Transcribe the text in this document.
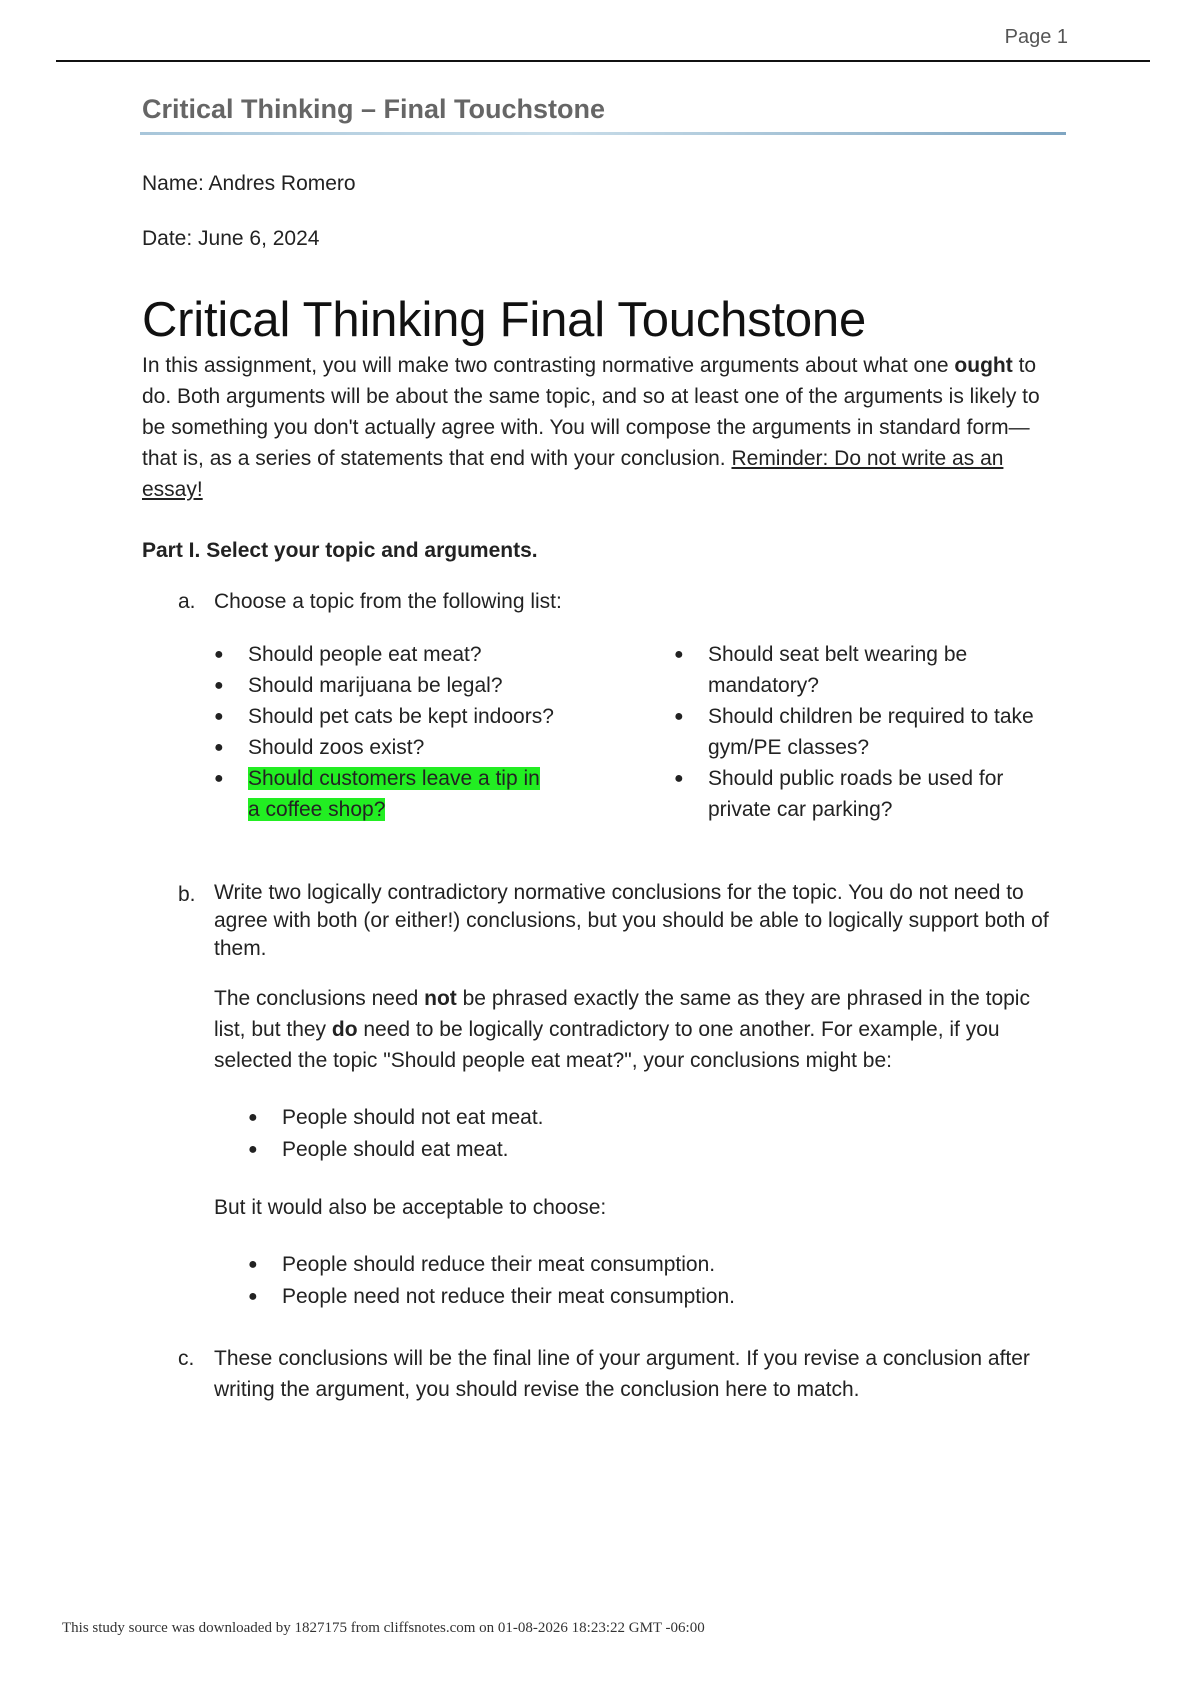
Page 1
Critical Thinking – Final Touchstone
Name: Andres Romero
Date: June 6, 2024
Critical Thinking Final Touchstone
In this assignment, you will make two contrasting normative arguments about what one ought to do. Both arguments will be about the same topic, and so at least one of the arguments is likely to be something you don't actually agree with. You will compose the arguments in standard form—that is, as a series of statements that end with your conclusion. Reminder: Do not write as an essay!
Part I. Select your topic and arguments.
a. Choose a topic from the following list:
●	Should people eat meat?
●	Should marijuana be legal?
●	Should pet cats be kept indoors?
●	Should zoos exist?
●	Should customers leave a tip in a coffee shop?
●	Should seat belt wearing be mandatory?
●	Should children be required to take gym/PE classes?
●	Should public roads be used for private car parking?
b. Write two logically contradictory normative conclusions for the topic. You do not need to agree with both (or either!) conclusions, but you should be able to logically support both of them.
The conclusions need not be phrased exactly the same as they are phrased in the topic list, but they do need to be logically contradictory to one another. For example, if you selected the topic "Should people eat meat?", your conclusions might be:
●	People should not eat meat.
●	People should eat meat.
But it would also be acceptable to choose:
●	People should reduce their meat consumption.
●	People need not reduce their meat consumption.
c. These conclusions will be the final line of your argument. If you revise a conclusion after writing the argument, you should revise the conclusion here to match.
This study source was downloaded by 1827175 from cliffsnotes.com on 01-08-2026 18:23:22 GMT -06:00
